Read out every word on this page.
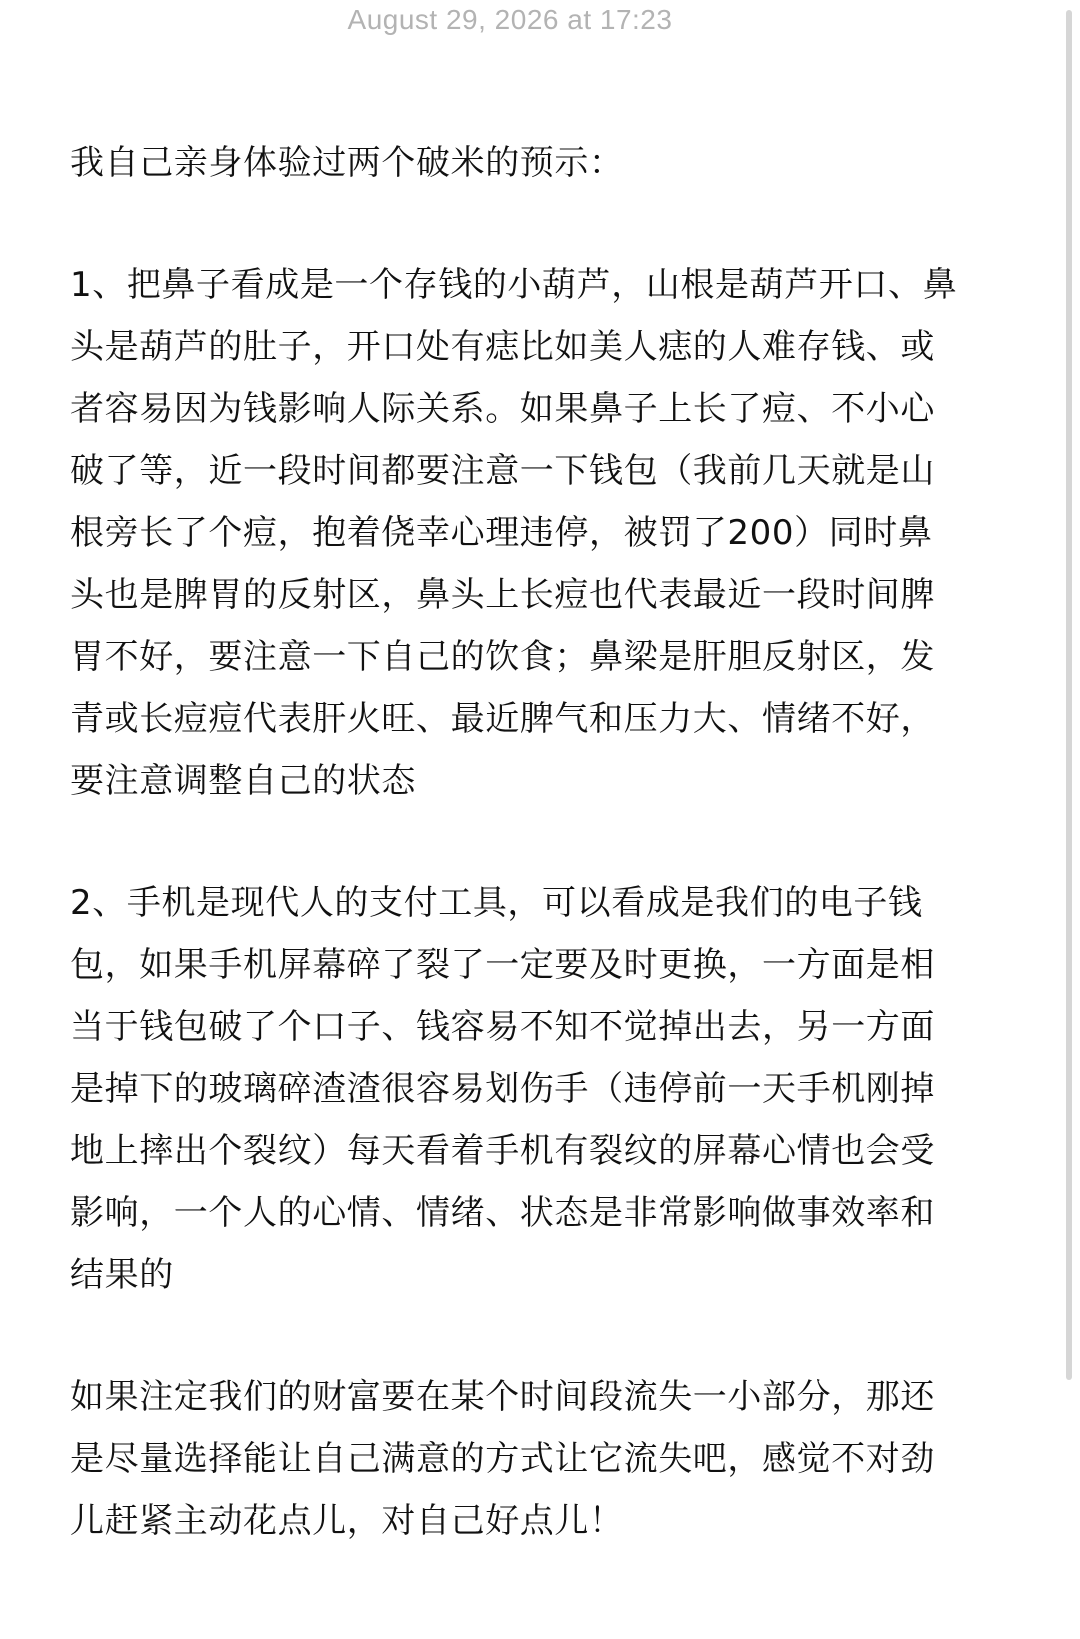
August 29, 2026 at 17:23

我自己亲身体验过两个破米的预示：

1、把鼻子看成是一个存钱的小葫芦，山根是葫芦开口、鼻头是葫芦的肚子，开口处有痣比如美人痣的人难存钱、或者容易因为钱影响人际关系。如果鼻子上长了痘、不小心破了等，近一段时间都要注意一下钱包（我前几天就是山根旁长了个痘，抱着侥幸心理违停，被罚了200）同时鼻头也是脾胃的反射区，鼻头上长痘也代表最近一段时间脾胃不好，要注意一下自己的饮食；鼻梁是肝胆反射区，发青或长痘痘代表肝火旺、最近脾气和压力大、情绪不好，要注意调整自己的状态

2、手机是现代人的支付工具，可以看成是我们的电子钱包，如果手机屏幕碎了裂了一定要及时更换，一方面是相当于钱包破了个口子、钱容易不知不觉掉出去，另一方面是掉下的玻璃碎渣渣很容易划伤手（违停前一天手机刚掉地上摔出个裂纹）每天看着手机有裂纹的屏幕心情也会受影响，一个人的心情、情绪、状态是非常影响做事效率和结果的

如果注定我们的财富要在某个时间段流失一小部分，那还是尽量选择能让自己满意的方式让它流失吧，感觉不对劲儿赶紧主动花点儿，对自己好点儿！
